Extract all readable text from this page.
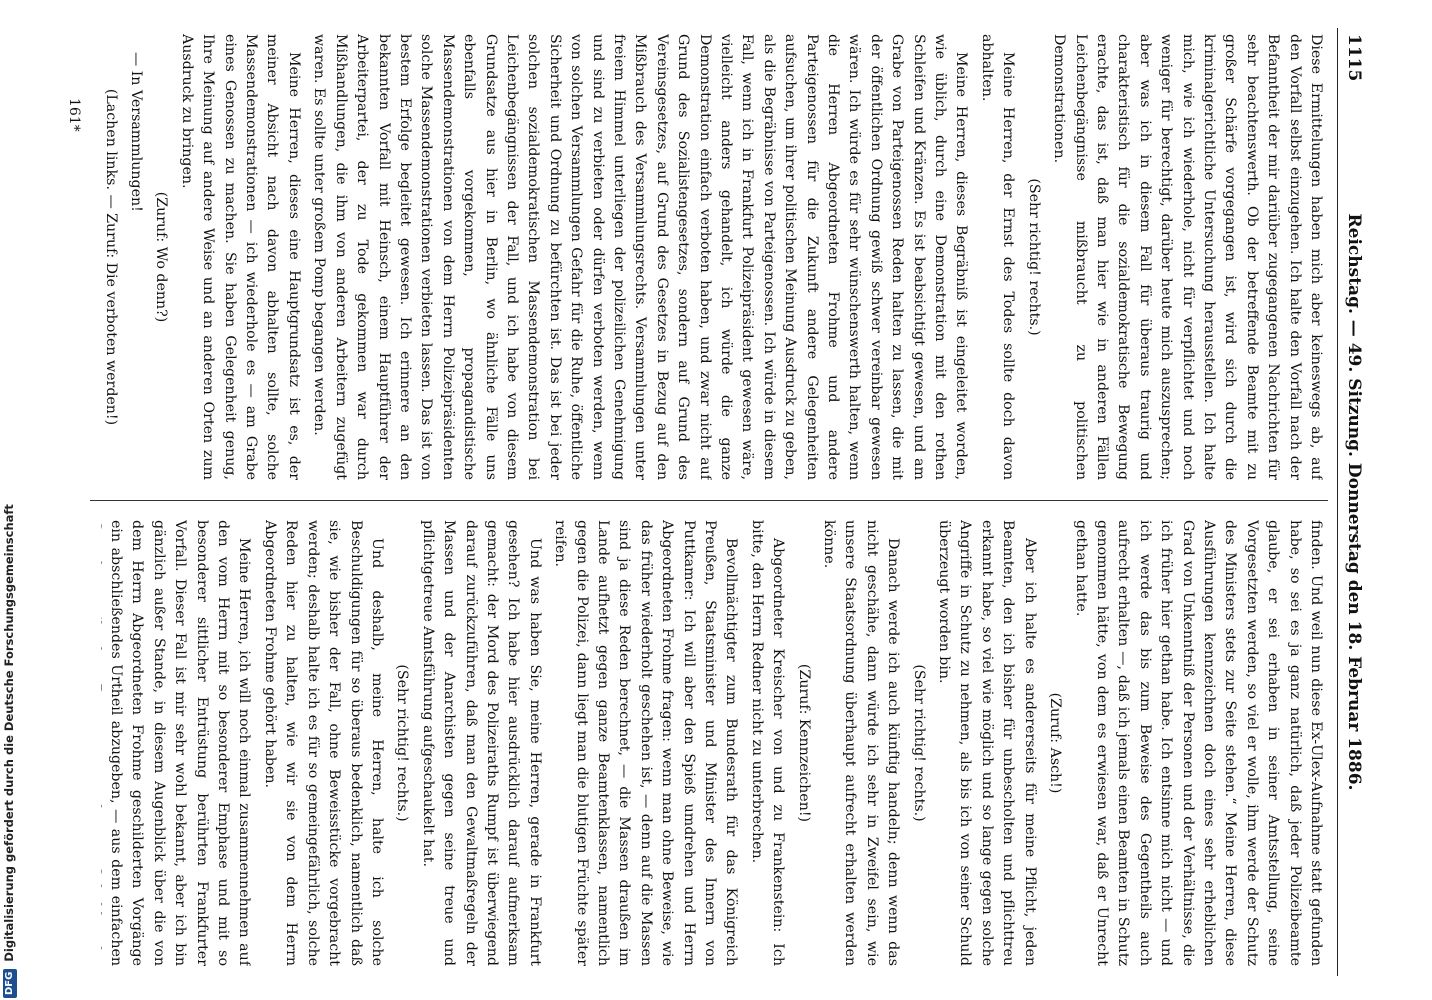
1115
Reichstag. — 49. Sitzung. Donnerstag den 18. Februar 1886.

Diese Ermittelungen haben mich aber keineswegs ab, auf den Vorfall selbst einzugehen. Ich halte den Vorfall nach der Befanntheit der mir dariüber zugegangenen Nachrichten für sehr beachtenswerth. Ob der betreffende Beamte mit zu großer Schärfe vorgegangen ist, wird sich durch die kriminalgerichtliche Untersuchung herausstellen. Ich halte mich, wie ich wiederhole, nicht für verpflichtet und noch weniger für berechtigt, darüber heute mich auszusprechen; aber was ich in diesem Fall für überaus traurig und charakteristisch für die sozialdemokratische Bewegung erachte, das ist, daß man hier wie in anderen Fällen Leichenbegängnisse mißbraucht zu politischen Demonstrationen.

(Sehr richtig! rechts.)

Meine Herren, der Ernst des Todes sollte doch davon abhalten.

Meine Herren, dieses Begräbniß ist eingeleitet worden, wie üblich, durch eine Demonstration mit den rothen Schleifen und Kränzen. Es ist beabsichtigt gewesen, und am Grabe von Parteigenossen Reden halten zu lassen, die mit der öffentlichen Ordnung gewiß schwer vereinbar gewesen wären. Ich würde es für sehr wünschenswerth halten, wenn die Herren Abgeordneten Frohme und andere Parteigenossen für die Zukunft andere Gelegenheiten aufsuchen, um ihrer politischen Meinung Ausdruck zu geben, als die Begräbnisse von Parteigenossen. Ich würde in diesem Fall, wenn ich in Frankfurt Polizeipräsident gewesen wäre, vielleicht anders gehandelt, ich würde die ganze Demonstration einfach verboten haben, und zwar nicht auf Grund des Sozialistengesetzes, sondern auf Grund des Vereinsgesetzes, auf Grund des Gesetzes in Bezug auf den Mißbrauch des Versammlungsrechts. Versammlungen unter freiem Himmel unterliegen der polizeilichen Genehmigung und sind zu verbieten oder dürfen verboten werden, wenn von solchen Versammlungen Gefahr für die Ruhe, öffentliche Sicherheit und Ordnung zu befürchten ist. Das ist bei jeder solchen sozialdemokratischen Massendemonstration bei Leichenbegängnissen der Fall, und ich habe von diesem Grundsatze aus hier in Berlin, wo ähnliche Fälle uns ebenfalls vorgekommen, propagandistische Massendemonstrationen von dem Herrn Polizeipräsidenten solche Massendemonstrationen verbieten lassen. Das ist von bestem Erfolge begleitet gewesen. Ich erinnere an den bekannten Vorfall mit Heinsch, einem Hauptführer der Arbeiterpartei, der zu Tode gekommen war durch Mißhandlungen, die ihm von anderen Arbeitern zugefügt waren. Es sollte unter großem Pomp begangen werden.

Meine Herren, dieses eine Hauptgrundsatz ist es, der meiner Absicht nach davon abhalten sollte, solche Massendemonstrationen — ich wiederhole es — am Grabe eines Genossen zu machen. Sie haben Gelegenheit genug, Ihre Meinung auf andere Weise und an anderen Orten zum Ausdruck zu bringen.

(Zuruf: Wo denn?)

— In Versammlungen!

(Lachen links. — Zuruf: Die verboten werden!)

finden. Und weil nun diese Ex-Ulex-Aufnahme statt gefunden habe, so sei es ja ganz natürlich, daß jeder Polizeibeamte glaube, er sei erhaben in seiner Amtsstellung, seine Vorgesetzten werden, so viel er wolle, ihm werde der Schutz des Ministers stets zur Seite stehen.“ Meine Herren, diese Ausführungen kennzeichnen doch eines sehr erheblichen Grad von Unkenntniß der Personen und der Verhältnisse, die ich früher hier gethan habe. Ich entsinne mich nicht — und ich werde das bis zum Beweise des Gegentheils auch aufrecht erhalten —, daß ich jemals einen Beamten in Schutz genommen hätte, von dem es erwiesen war, daß er Unrecht gethan hatte.

(Zuruf: Asch!)

Aber ich halte es andererseits für meine Pflicht, jeden Beamten, den ich bisher für unbescholten und pflichttreu erkannt habe, so viel wie möglich und so lange gegen solche Angriffe in Schutz zu nehmen, als bis ich von seiner Schuld überzeugt worden bin.

(Sehr richtig! rechts.)

Danach werde ich auch künftig handeln; denn wenn das nicht geschähe, dann würde ich sehr in Zweifel sein, wie unsere Staatsordnung überhaupt aufrecht erhalten werden könne.

(Zuruf: Kennzeichen!)

Abgeordneter Kreischer von und zu Frankenstein: Ich bitte, den Herrn Redner nicht zu unterbrechen.

Bevollmächtigter zum Bundesrath für das Königreich Preußen, Staatsminister und Minister des Innern von Puttkamer: Ich will aber den Spieß umdrehen und Herrn Abgeordneten Frohme fragen: wenn man ohne Beweise, wie das früher wiederholt geschehen ist, — denn auf die Massen sind ja diese Reden berechnet, — die Massen draußen im Lande aufhetzt gegen ganze Beamtenklassen, namentlich gegen die Polizei, dann liegt man die blutigen Früchte später reifen.

Und was haben Sie, meine Herren, gerade in Frankfurt gesehen? Ich habe hier ausdrücklich darauf aufmerksam gemacht: der Mord des Polizeiraths Rumpf ist überwiegend darauf zurückzuführen, daß man den Gewaltmaßregeln der Massen und der Anarchisten gegen seine treue und pflichtgetreue Amtsführung aufgeschaukelt hat.

(Sehr richtig! rechts.)

Und deshalb, meine Herren, halte ich solche Beschuldigungen für so überaus bedenklich, namentlich daß sie, wie bisher der Fall, ohne Beweisstücke vorgebracht werden; deshalb halte ich es für so gemeingefährlich, solche Reden hier zu halten, wie wir sie von dem Herrn Abgeordneten Frohme gehört haben.

Meine Herren, ich will noch einmal zusammennehmen auf den vom Herrn mit so besonderer Emphase und mit so besonderer sittlicher Entrüstung berührten Frankfurter Vorfall. Dieser Fall ist mir sehr wohl bekannt, aber ich bin gänzlich außer Stande, in diesem Augenblick über die von dem Herrn Abgeordneten Frohme geschilderten Vorgänge ein abschließendes Urtheil abzugeben, — aus dem einfachen

161*
DFG Digitalisierung gefördert durch die Deutsche Forschungsgemeinschaft
